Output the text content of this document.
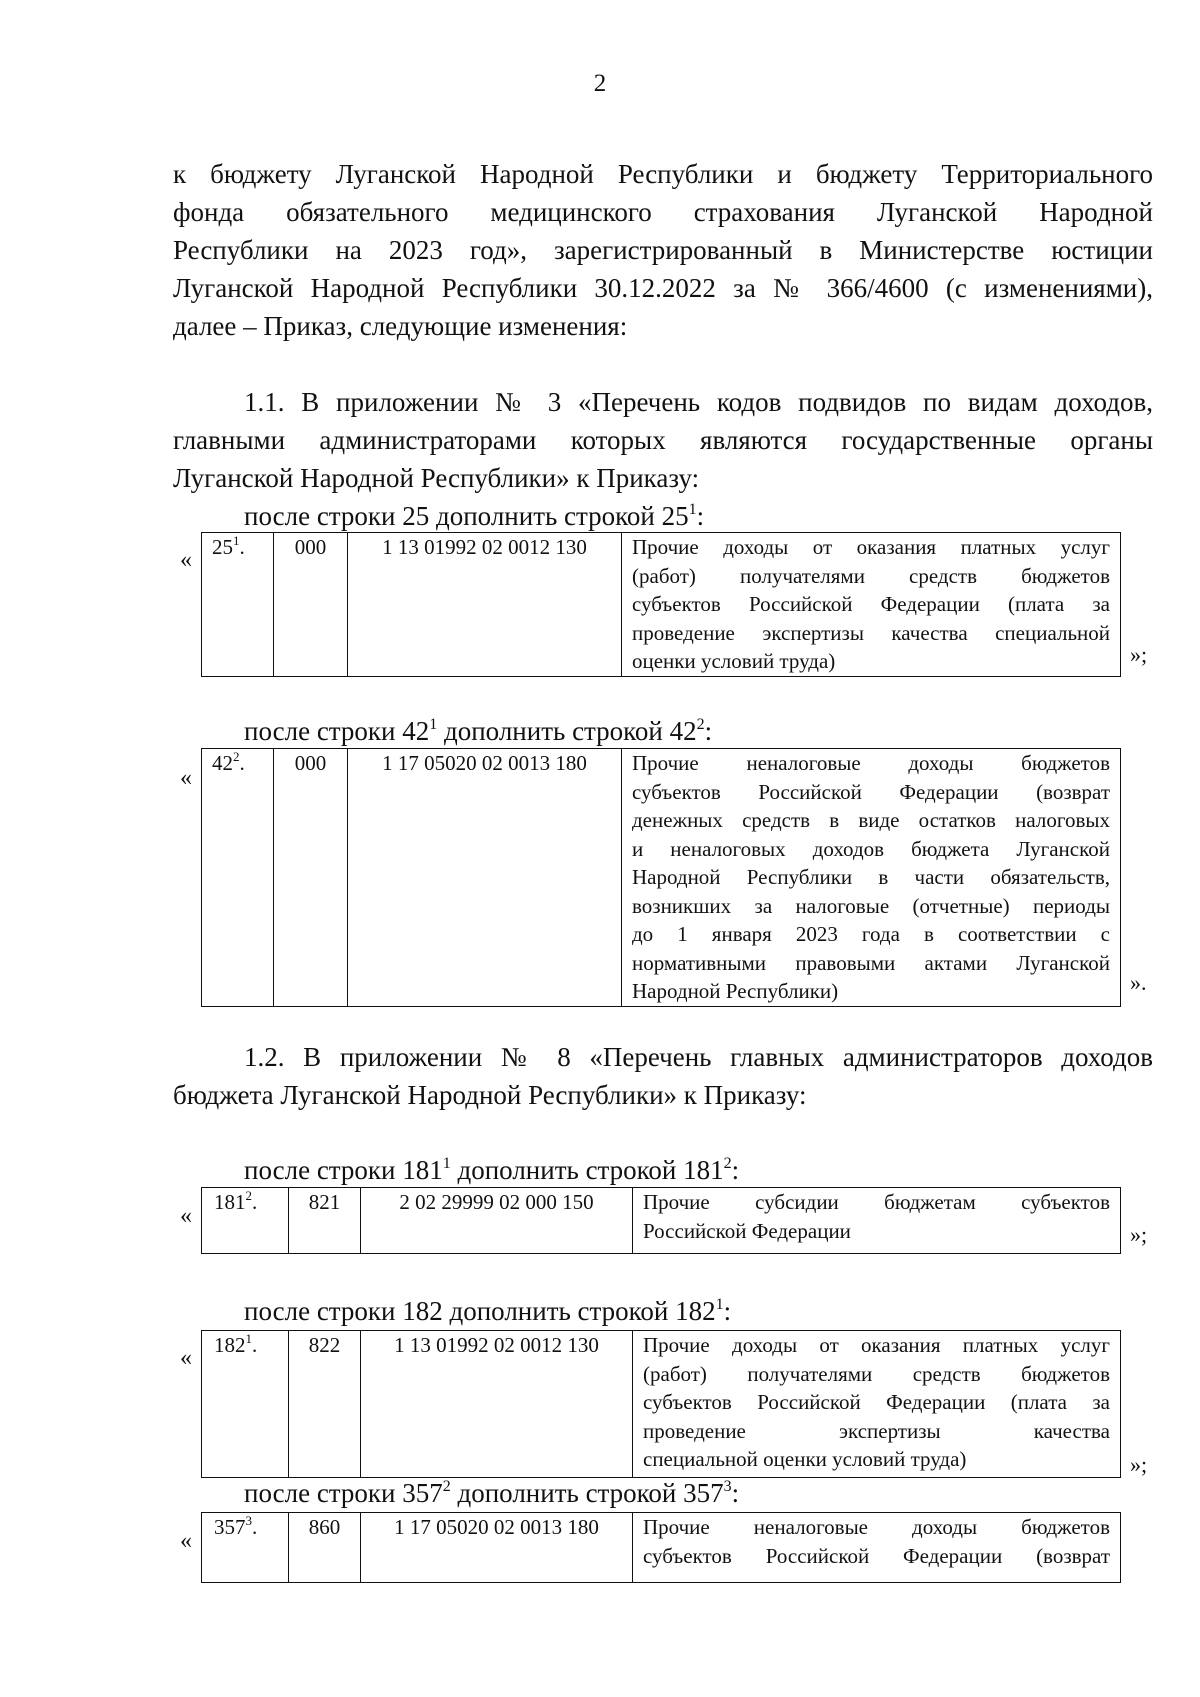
2
к бюджету Луганской Народной Республики и бюджету Территориального
фонда обязательного медицинского страхования Луганской Народной
Республики на 2023 год», зарегистрированный в Министерстве юстиции
Луганской Народной Республики 30.12.2022 за № 366/4600 (с изменениями),
далее – Приказ, следующие изменения:
1.1. В приложении № 3 «Перечень кодов подвидов по видам доходов,
главными администраторами которых являются государственные органы
Луганской Народной Республики» к Приказу:
после строки 25 дополнить строкой $25^1$:
« $25^1$.	000	1 13 01992 02 0012 130	Прочие доходы от оказания платных услуг
(работ) получателями средств бюджетов
субъектов Российской Федерации (плата за
проведение экспертизы качества специальной
оценки условий труда)	»;
после строки $42^1$ дополнить строкой $42^2$:
«
$42^2$.	000	1 17 05020 02 0013 180	Прочие неналоговые доходы бюджетов
субъектов Российской Федерации (возврат
денежных средств в виде остатков налоговых
и неналоговых доходов бюджета Луганской
Народной Республики в части обязательств,
возникших за налоговые (отчетные) периоды
до 1 января 2023 года в соответствии с
нормативными правовыми актами Луганской
Народной Республики)	».
1.2. В приложении № 8 «Перечень главных администраторов доходов
бюджета Луганской Народной Республики» к Приказу:
после строки $181^1$ дополнить строкой $181^2$:
«
$181^2$.	821	2 02 29999 02 000 150	Прочие субсидии бюджетам субъектов
Российской Федерации	»;
после строки 182 дополнить строкой $182^1$:
« $182^1$.	822	1 13 01992 02 0012 130	Прочие доходы от оказания платных услуг
(работ) получателями средств бюджетов
субъектов Российской Федерации (плата за
проведение экспертизы качества
специальной оценки условий труда)	»;
после строки $357^2$ дополнить строкой $357^3$:
«
$357^3$.	860	1 17 05020 02 0013 180	Прочие неналоговые доходы бюджетов
субъектов Российской Федерации (возврат
